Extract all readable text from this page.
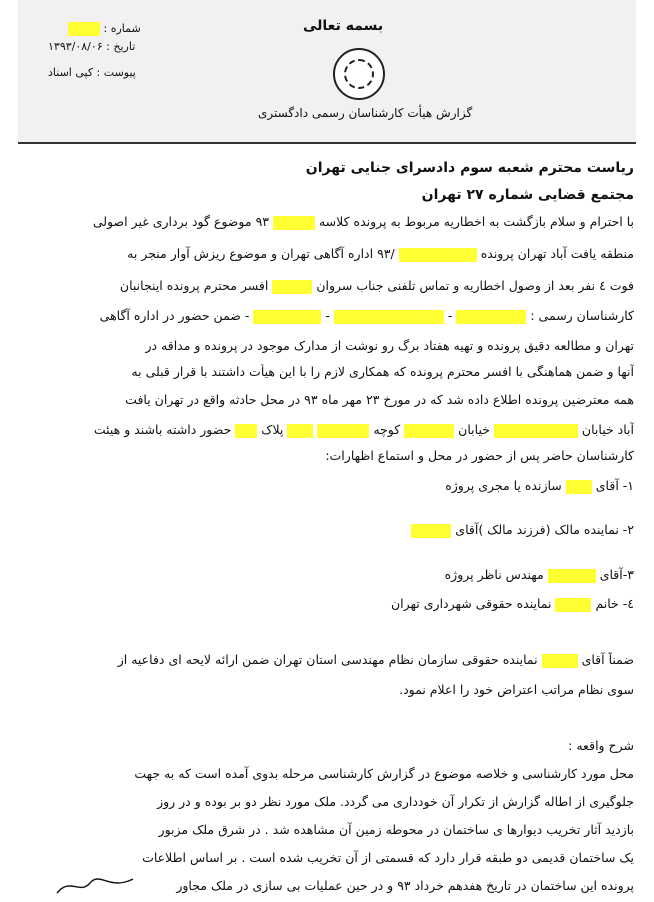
بسمه تعالی
شماره :
تاریخ : ۱۳۹۳/۰۸/۰۶
پیوست : کپی اسناد
گزارش هیأت کارشناسان رسمی دادگستری
ریاست محترم شعبه سوم دادسرای جنایی تهران
مجتمع قضایی شماره ۲۷ تهران
با احترام و سلام بازگشت به اخطاریه مربوط به پرونده کلاسه  ۹۳ موضوع گود برداری غیر اصولی
منطقه یافت آباد تهران پرونده  /۹۳ اداره آگاهی تهران و موضوع ریزش آوار منجر به
فوت ٤ نفر بعد از وصول اخطاریه و تماس تلفنی جناب سروان  افسر محترم پرونده اینجانبان
کارشناسان رسمی :  -  -  - ضمن حضور در اداره آگاهی
تهران و مطالعه دقیق پرونده و تهیه هفتاد برگ رو نوشت از مدارک موجود در پرونده و مداقه در
آنها و ضمن هماهنگی با افسر محترم پرونده که همکاری لازم را با این هیأت داشتند با قرار قبلی به
همه معترضین پرونده اطلاع داده شد که در مورخ ۲۳ مهر ماه ۹۳ در محل حادثه واقع در تهران یافت
آباد خیابان  خیابان  کوچه   پلاک  حضور داشته باشند و هیئت
کارشناسان حاضر پس از حضور در محل و استماع اظهارات:
۱- آقای  سازنده یا مجری پروژه
۲- نماینده مالک (فرزند مالک )آقای
۳-آقای  مهندس ناظر پروژه
٤- خانم  نماینده حقوقی شهرداری تهران
ضمناً آقای  نماینده حقوقی سازمان نظام مهندسی استان تهران ضمن ارائه لایحه ای دفاعیه از
سوی نظام مراتب اعتراض خود را اعلام نمود.
شرح واقعه :
محل مورد کارشناسی و خلاصه موضوع در گزارش کارشناسی مرحله بدوی آمده است که به جهت
جلوگیری از اطاله گزارش از تکرار آن خودداری می گردد. ملک مورد نظر دو بر بوده و در روز
بازدید آثار تخریب دیوارها ی ساختمان در محوطه زمین آن مشاهده شد . در شرق ملک مزبور
یک ساختمان قدیمی دو طبقه قرار دارد که قسمتی از آن تخریب شده است . بر اساس اطلاعات
پرونده این ساختمان در تاریخ هفدهم خرداد ۹۳ و در حین عملیات بی سازی در ملک مجاور
